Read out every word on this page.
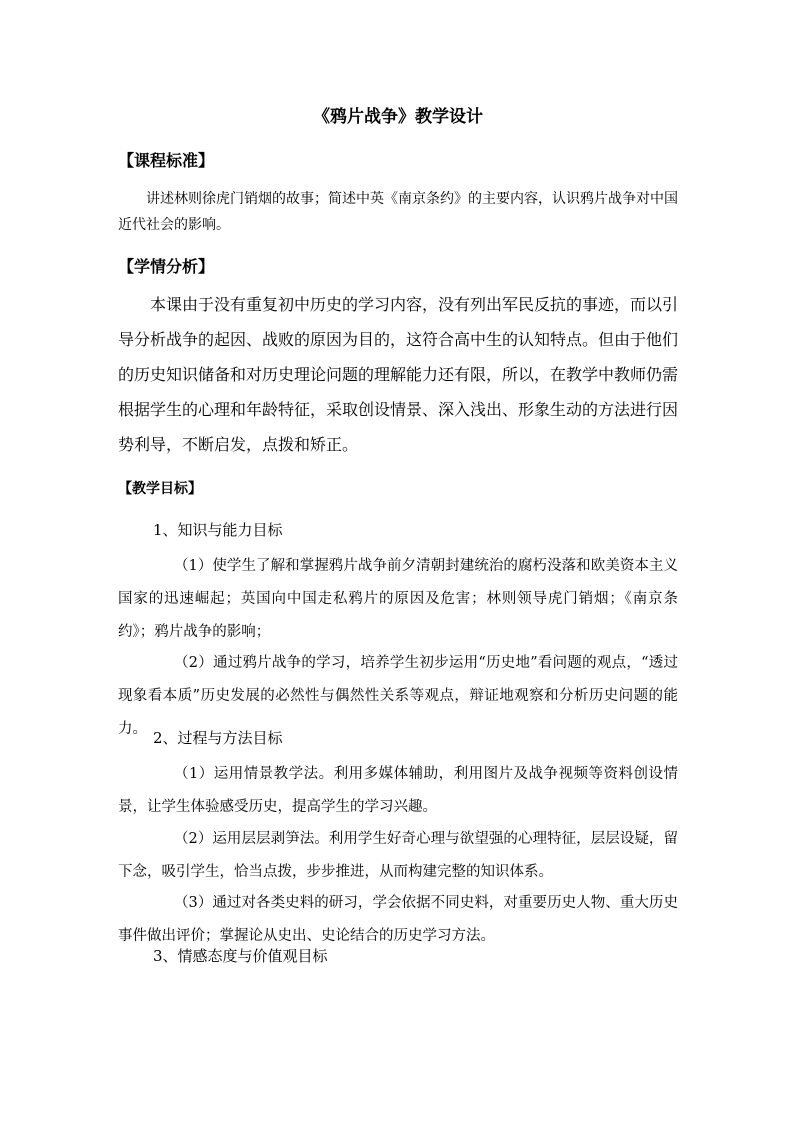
《鸦片战争》教学设计
【课程标准】

讲述林则徐虎门销烟的故事；简述中英《南京条约》的主要内容，认识鸦片战争对中国近代社会的影响。

【学情分析】

本课由于没有重复初中历史的学习内容，没有列出军民反抗的事迹，而以引导分析战争的起因、战败的原因为目的，这符合高中生的认知特点。但由于他们的历史知识储备和对历史理论问题的理解能力还有限，所以，在教学中教师仍需根据学生的心理和年龄特征，采取创设情景、深入浅出、形象生动的方法进行因势利导，不断启发，点拨和矫正。

【教学目标】

1、知识与能力目标

（1）使学生了解和掌握鸦片战争前夕清朝封建统治的腐朽没落和欧美资本主义国家的迅速崛起；英国向中国走私鸦片的原因及危害；林则领导虎门销烟；《南京条约》；鸦片战争的影响；

（2）通过鸦片战争的学习，培养学生初步运用“历史地”看问题的观点，“透过现象看本质”历史发展的必然性与偶然性关系等观点，辩证地观察和分析历史问题的能力。 2、过程与方法目标

（1）运用情景教学法。利用多媒体辅助，利用图片及战争视频等资料创设情景，让学生体验感受历史，提高学生的学习兴趣。

（2）运用层层剥笋法。利用学生好奇心理与欲望强的心理特征，层层设疑，留下念，吸引学生，恰当点拨，步步推进，从而构建完整的知识体系。

（3）通过对各类史料的研习，学会依据不同史料，对重要历史人物、重大历史事件做出评价；掌握论从史出、史论结合的历史学习方法。

3、情感态度与价值观目标
